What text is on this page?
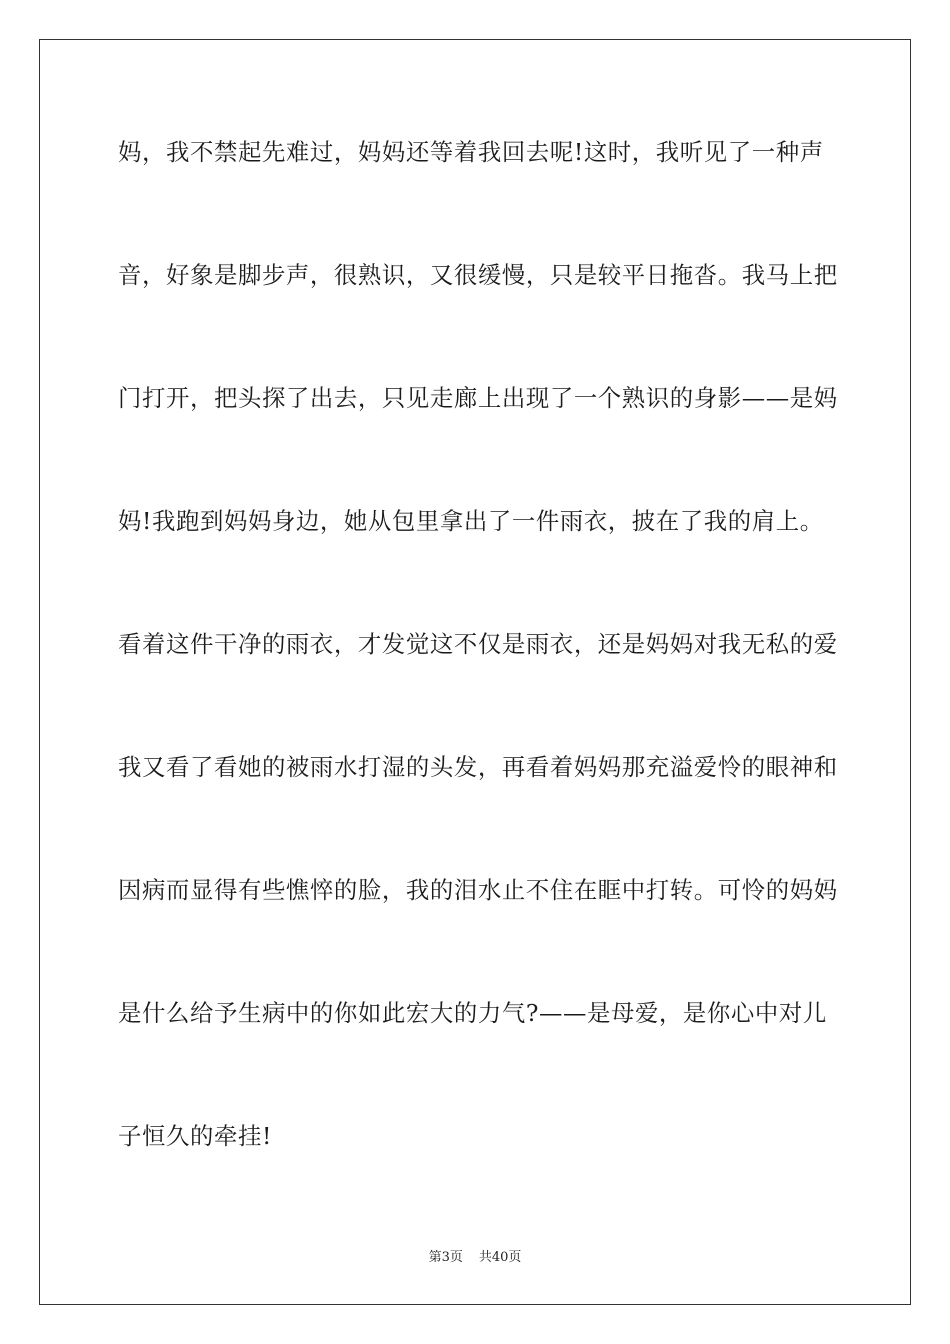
妈，我不禁起先难过，妈妈还等着我回去呢!这时，我听见了一种声
音，好象是脚步声，很熟识，又很缓慢，只是较平日拖沓。我马上把
门打开，把头探了出去，只见走廊上出现了一个熟识的身影——是妈
妈!我跑到妈妈身边，她从包里拿出了一件雨衣，披在了我的肩上。
看着这件干净的雨衣，才发觉这不仅是雨衣，还是妈妈对我无私的爱
我又看了看她的被雨水打湿的头发，再看着妈妈那充溢爱怜的眼神和
因病而显得有些憔悴的脸，我的泪水止不住在眶中打转。可怜的妈妈
是什么给予生病中的你如此宏大的力气?——是母爱，是你心中对儿
子恒久的牵挂!
第3页 共40页
